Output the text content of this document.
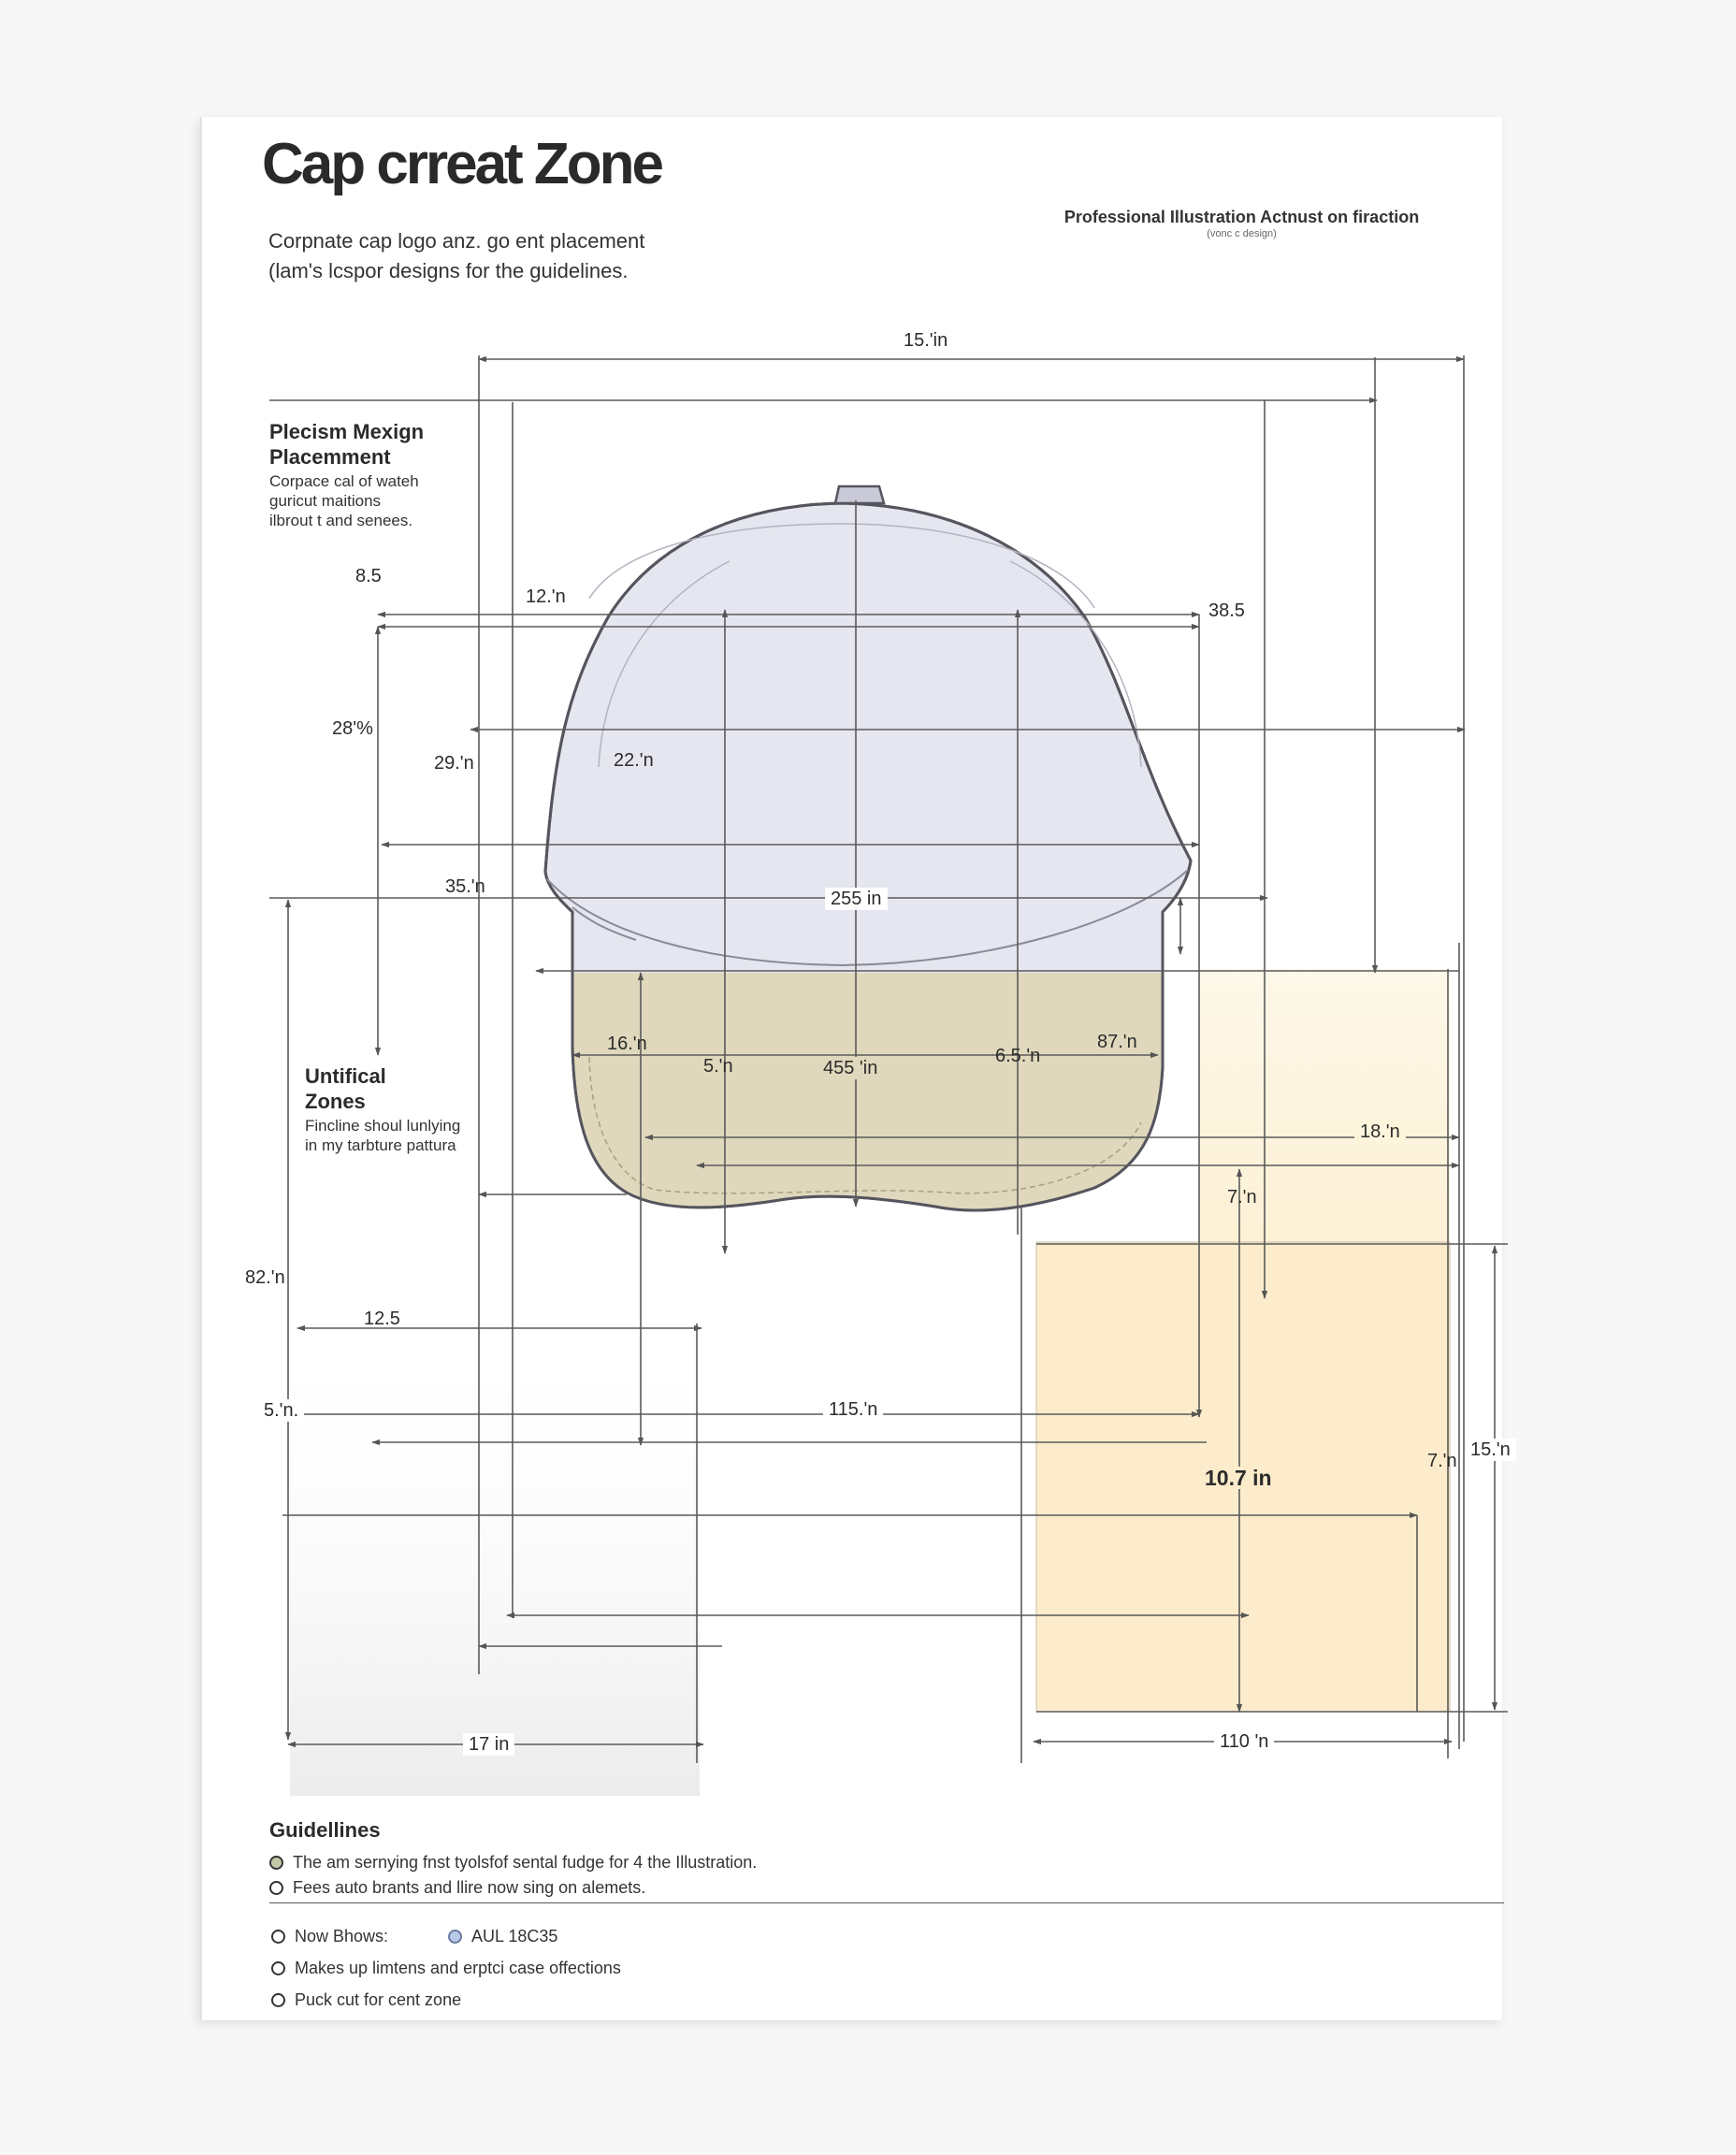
Cap crreat Zone
Corpnate cap logo anz. go ent placement
(lam's lcspor designs for the guidelines.
Professional Illustration Actnust on firaction
(vonc c design)
Plecism Mexign
Placemment
Corpace cal of wateh
guricut maitions
ilbrout t and senees.
Untifical
Zones
Fincline shoul lunlying
in my tarbture pattura
15.'in
8.5
12.'n
38.5
28'%
29.'n	22.'n
35.'n
255 in
16.'n
5.'n	455 'in
6.5.'n
87.'n
18.'n
7.'n
82.'n
12.5
5.'n.	115.'n
10.7 in
7.'n
15.'n
17 in	110 'n
Guidellines
The am sernying fnst tyolsfof sental fudge for 4 the Illustration.
Fees auto brants and llire now sing on alemets.
Now Bhows:	AUL 18C35
Makes up limtens and erptci case offections
Puck cut for cent zone
